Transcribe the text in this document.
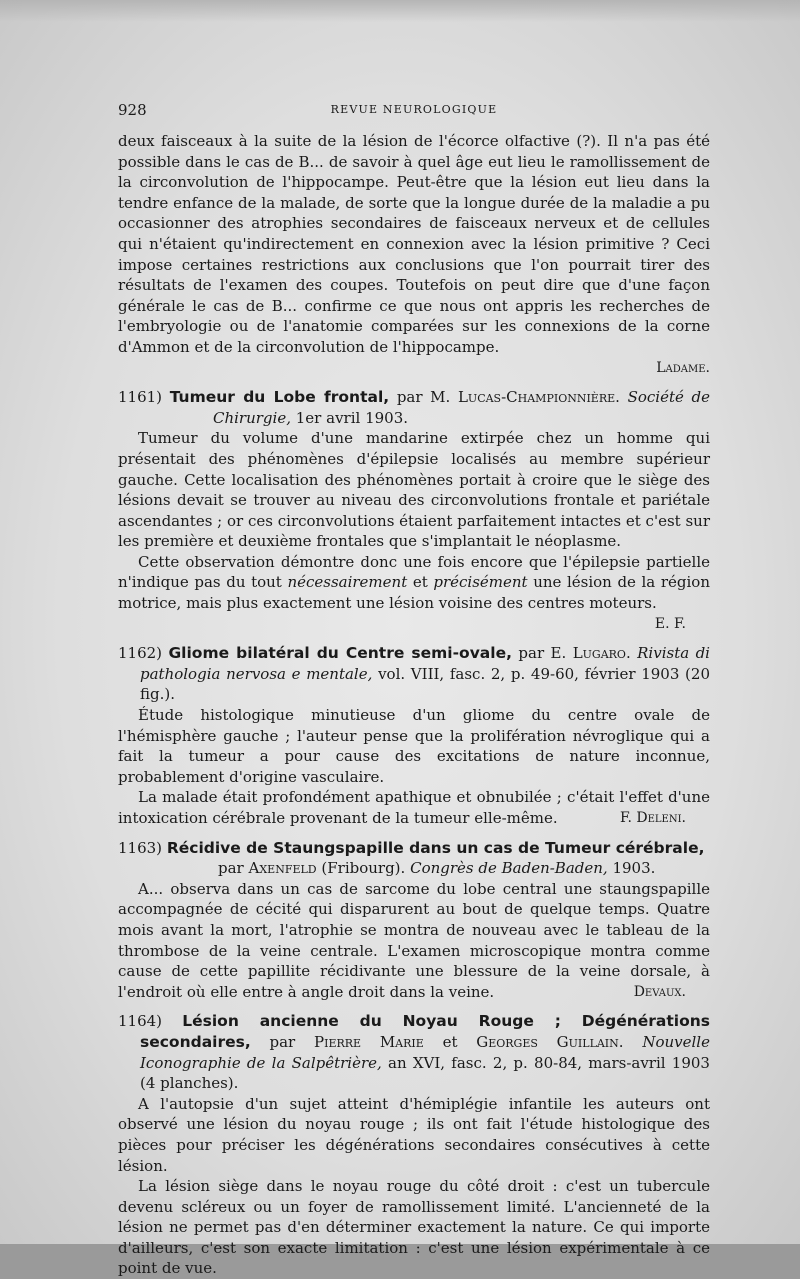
928	REVUE NEUROLOGIQUE

deux faisceaux à la suite de la lésion de l'écorce olfactive (?). Il n'a pas été possible dans le cas de B... de savoir à quel âge eut lieu le ramollissement de la circonvolution de l'hippocampe. Peut-être que la lésion eut lieu dans la tendre enfance de la malade, de sorte que la longue durée de la maladie a pu occasionner des atrophies secondaires de faisceaux nerveux et de cellules qui n'étaient qu'indirectement en connexion avec la lésion primitive ? Ceci impose certaines restrictions aux conclusions que l'on pourrait tirer des résultats de l'examen des coupes. Toutefois on peut dire que d'une façon générale le cas de B... confirme ce que nous ont appris les recherches de l'embryologie ou de l'anatomie comparées sur les connexions de la corne d'Ammon et de la circonvolution de l'hippocampe.

Ladame.

1161) Tumeur du Lobe frontal, par M. Lucas-Championnière. Société de Chirurgie, 1er avril 1903.

Tumeur du volume d'une mandarine extirpée chez un homme qui présentait des phénomènes d'épilepsie localisés au membre supérieur gauche. Cette localisation des phénomènes portait à croire que le siège des lésions devait se trouver au niveau des circonvolutions frontale et pariétale ascendantes ; or ces circonvolutions étaient parfaitement intactes et c'est sur les première et deuxième frontales que s'implantait le néoplasme.

Cette observation démontre donc une fois encore que l'épilepsie partielle n'indique pas du tout nécessairement et précisément une lésion de la région motrice, mais plus exactement une lésion voisine des centres moteurs.
E. F.

1162) Gliome bilatéral du Centre semi-ovale, par E. Lugaro. Rivista di pathologia nervosa e mentale, vol. VIII, fasc. 2, p. 49-60, février 1903 (20 fig.).

Étude histologique minutieuse d'un gliome du centre ovale de l'hémisphère gauche ; l'auteur pense que la prolifération névroglique qui a fait la tumeur a pour cause des excitations de nature inconnue, probablement d'origine vasculaire.

La malade était profondément apathique et obnubilée ; c'était l'effet d'une intoxication cérébrale provenant de la tumeur elle-même.	F. Deleni.

1163) Récidive de Staungspapille dans un cas de Tumeur cérébrale,

par Axenfeld (Fribourg). Congrès de Baden-Baden, 1903.

A... observa dans un cas de sarcome du lobe central une staungspapille accompagnée de cécité qui disparurent au bout de quelque temps. Quatre mois avant la mort, l'atrophie se montra de nouveau avec le tableau de la thrombose de la veine centrale. L'examen microscopique montra comme cause de cette papillite récidivante une blessure de la veine dorsale, à l'endroit où elle entre à angle droit dans la veine.	Devaux.

1164) Lésion ancienne du Noyau Rouge ; Dégénérations secondaires, par Pierre Marie et Georges Guillain. Nouvelle Iconographie de la Salpêtrière, an XVI, fasc. 2, p. 80-84, mars-avril 1903 (4 planches).

A l'autopsie d'un sujet atteint d'hémiplégie infantile les auteurs ont observé une lésion du noyau rouge ; ils ont fait l'étude histologique des pièces pour préciser les dégénérations secondaires consécutives à cette lésion.

La lésion siège dans le noyau rouge du côté droit : c'est un tubercule devenu scléreux ou un foyer de ramollissement limité. L'ancienneté de la lésion ne permet pas d'en déterminer exactement la nature. Ce qui importe d'ailleurs, c'est son exacte limitation : c'est une lésion expérimentale à ce point de vue.
